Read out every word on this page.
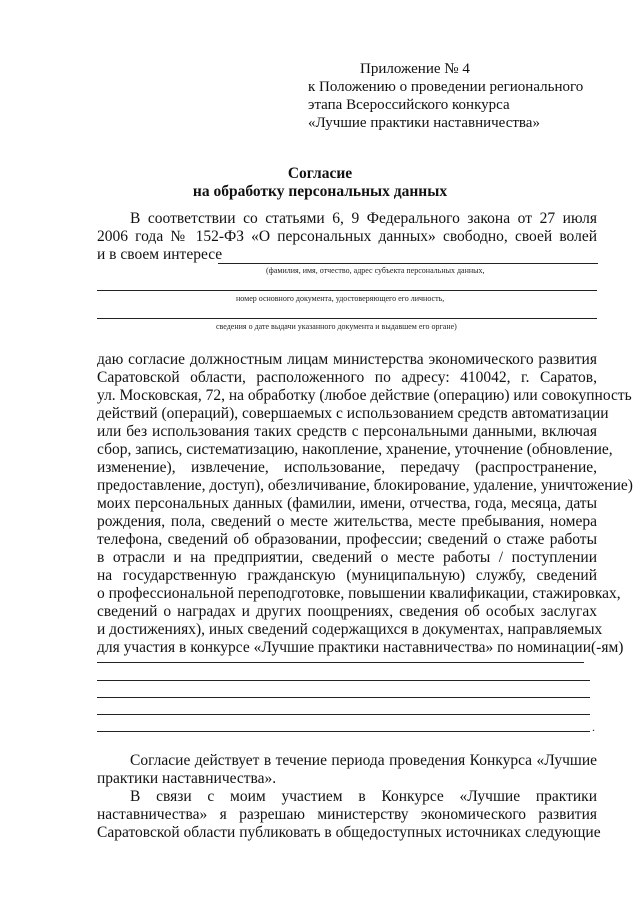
Приложение № 4
к Положению о проведении регионального
этапа Всероссийского конкурса
«Лучшие практики наставничества»
Согласие
на обработку персональных данных
В соответствии со статьями 6, 9 Федерального закона от 27 июля
2006 года № 152-ФЗ «О персональных данных» свободно, своей волей
и в своем интересе
(фамилия, имя, отчество, адрес субъекта персональных данных,
номер основного документа, удостоверяющего его личность,
сведения о дате выдачи указанного документа и выдавшем его органе)
даю согласие должностным лицам министерства экономического развития
Саратовской области, расположенного по адресу: 410042, г. Саратов,
ул. Московская, 72, на обработку (любое действие (операцию) или совокупность
действий (операций), совершаемых с использованием средств автоматизации
или без использования таких средств с персональными данными, включая
сбор, запись, систематизацию, накопление, хранение, уточнение (обновление,
изменение), извлечение, использование, передачу (распространение,
предоставление, доступ), обезличивание, блокирование, удаление, уничтожение)
моих персональных данных (фамилии, имени, отчества, года, месяца, даты
рождения, пола, сведений о месте жительства, месте пребывания, номера
телефона, сведений об образовании, профессии; сведений о стаже работы
в отрасли и на предприятии, сведений о месте работы / поступлении
на государственную гражданскую (муниципальную) службу, сведений
о профессиональной переподготовке, повышении квалификации, стажировках,
сведений о наградах и других поощрениях, сведения об особых заслугах
и достижениях), иных сведений содержащихся в документах, направляемых
для участия в конкурсе «Лучшие практики наставничества» по номинации(-ям)
.
Согласие действует в течение периода проведения Конкурса «Лучшие
практики наставничества».
В связи с моим участием в Конкурсе «Лучшие практики
наставничества» я разрешаю министерству экономического развития
Саратовской области публиковать в общедоступных источниках следующие
